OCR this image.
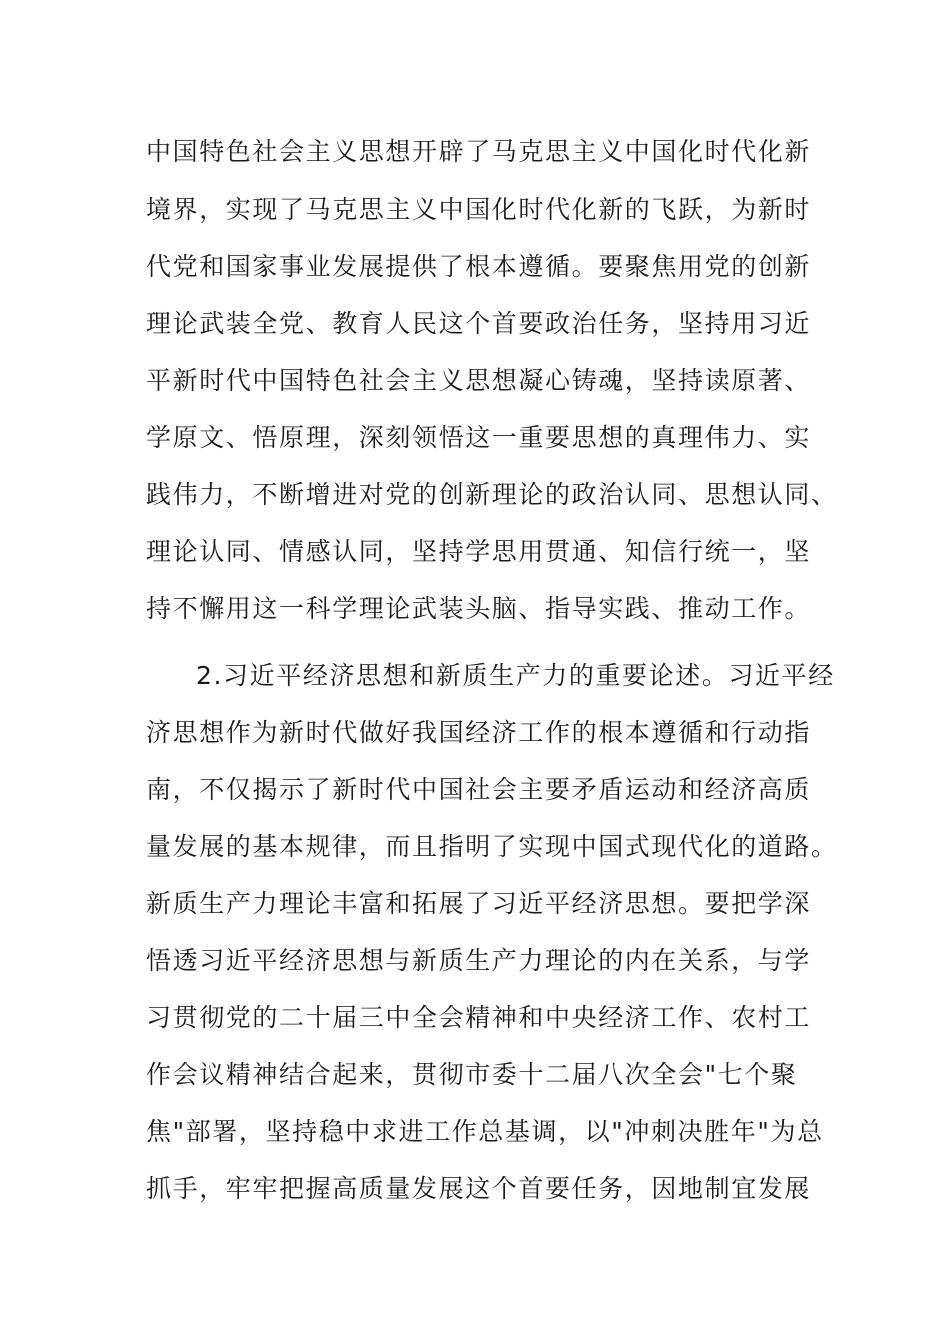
中国特色社会主义思想开辟了马克思主义中国化时代化新
境界，实现了马克思主义中国化时代化新的飞跃，为新时
代党和国家事业发展提供了根本遵循。要聚焦用党的创新
理论武装全党、教育人民这个首要政治任务，坚持用习近
平新时代中国特色社会主义思想凝心铸魂，坚持读原著、
学原文、悟原理，深刻领悟这一重要思想的真理伟力、实
践伟力，不断增进对党的创新理论的政治认同、思想认同、
理论认同、情感认同，坚持学思用贯通、知信行统一，坚
持不懈用这一科学理论武装头脑、指导实践、推动工作。
2.习近平经济思想和新质生产力的重要论述。习近平经
济思想作为新时代做好我国经济工作的根本遵循和行动指
南，不仅揭示了新时代中国社会主要矛盾运动和经济高质
量发展的基本规律，而且指明了实现中国式现代化的道路。
新质生产力理论丰富和拓展了习近平经济思想。要把学深
悟透习近平经济思想与新质生产力理论的内在关系，与学
习贯彻党的二十届三中全会精神和中央经济工作、农村工
作会议精神结合起来，贯彻市委十二届八次全会"七个聚
焦"部署，坚持稳中求进工作总基调，以"冲刺决胜年"为总
抓手，牢牢把握高质量发展这个首要任务，因地制宜发展
